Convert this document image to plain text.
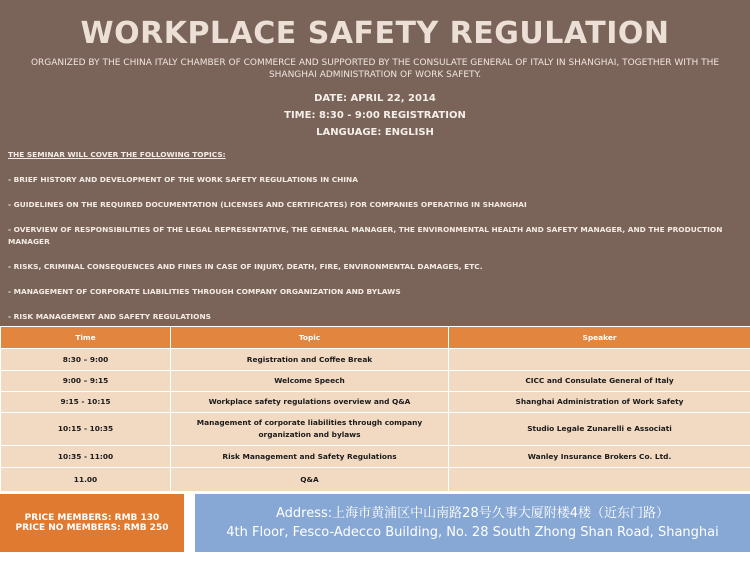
WORKPLACE SAFETY REGULATION
ORGANIZED BY THE CHINA ITALY CHAMBER OF COMMERCE AND SUPPORTED BY THE CONSULATE GENERAL OF ITALY IN SHANGHAI, TOGETHER WITH THE SHANGHAI ADMINISTRATION OF WORK SAFETY.
DATE: APRIL 22, 2014
TIME: 8:30 - 9:00 REGISTRATION
LANGUAGE: ENGLISH
THE SEMINAR WILL COVER THE FOLLOWING TOPICS:
- BRIEF HISTORY AND DEVELOPMENT OF THE WORK SAFETY REGULATIONS IN CHINA
- GUIDELINES ON THE REQUIRED DOCUMENTATION (LICENSES AND CERTIFICATES) FOR COMPANIES OPERATING IN SHANGHAI
- OVERVIEW OF RESPONSIBILITIES OF THE LEGAL REPRESENTATIVE, THE GENERAL MANAGER, THE ENVIRONMENTAL HEALTH AND SAFETY MANAGER, AND THE PRODUCTION MANAGER
- RISKS, CRIMINAL CONSEQUENCES AND FINES IN CASE OF INJURY, DEATH, FIRE, ENVIRONMENTAL DAMAGES, ETC.
- MANAGEMENT OF CORPORATE LIABILITIES THROUGH COMPANY ORGANIZATION AND BYLAWS
- RISK MANAGEMENT AND SAFETY REGULATIONS
Time	Topic	Speaker
8:30 – 9:00	Registration and Coffee Break	
9:00 – 9:15	Welcome Speech	CICC and Consulate General of Italy
9:15 - 10:15	Workplace safety regulations overview and Q&A	Shanghai Administration of Work Safety
10:15 - 10:35	Management of corporate liabilities through company organization and bylaws	Studio Legale Zunarelli e Associati
10:35 - 11:00	Risk Management and Safety Regulations	Wanley Insurance Brokers Co. Ltd.
11.00	Q&A	
PRICE MEMBERS: RMB 130
PRICE NO MEMBERS: RMB 250
Address:上海市黄浦区中山南路28号久事大厦附楼4楼（近东门路）
4th Floor, Fesco-Adecco Building, No. 28 South Zhong Shan Road, Shanghai
